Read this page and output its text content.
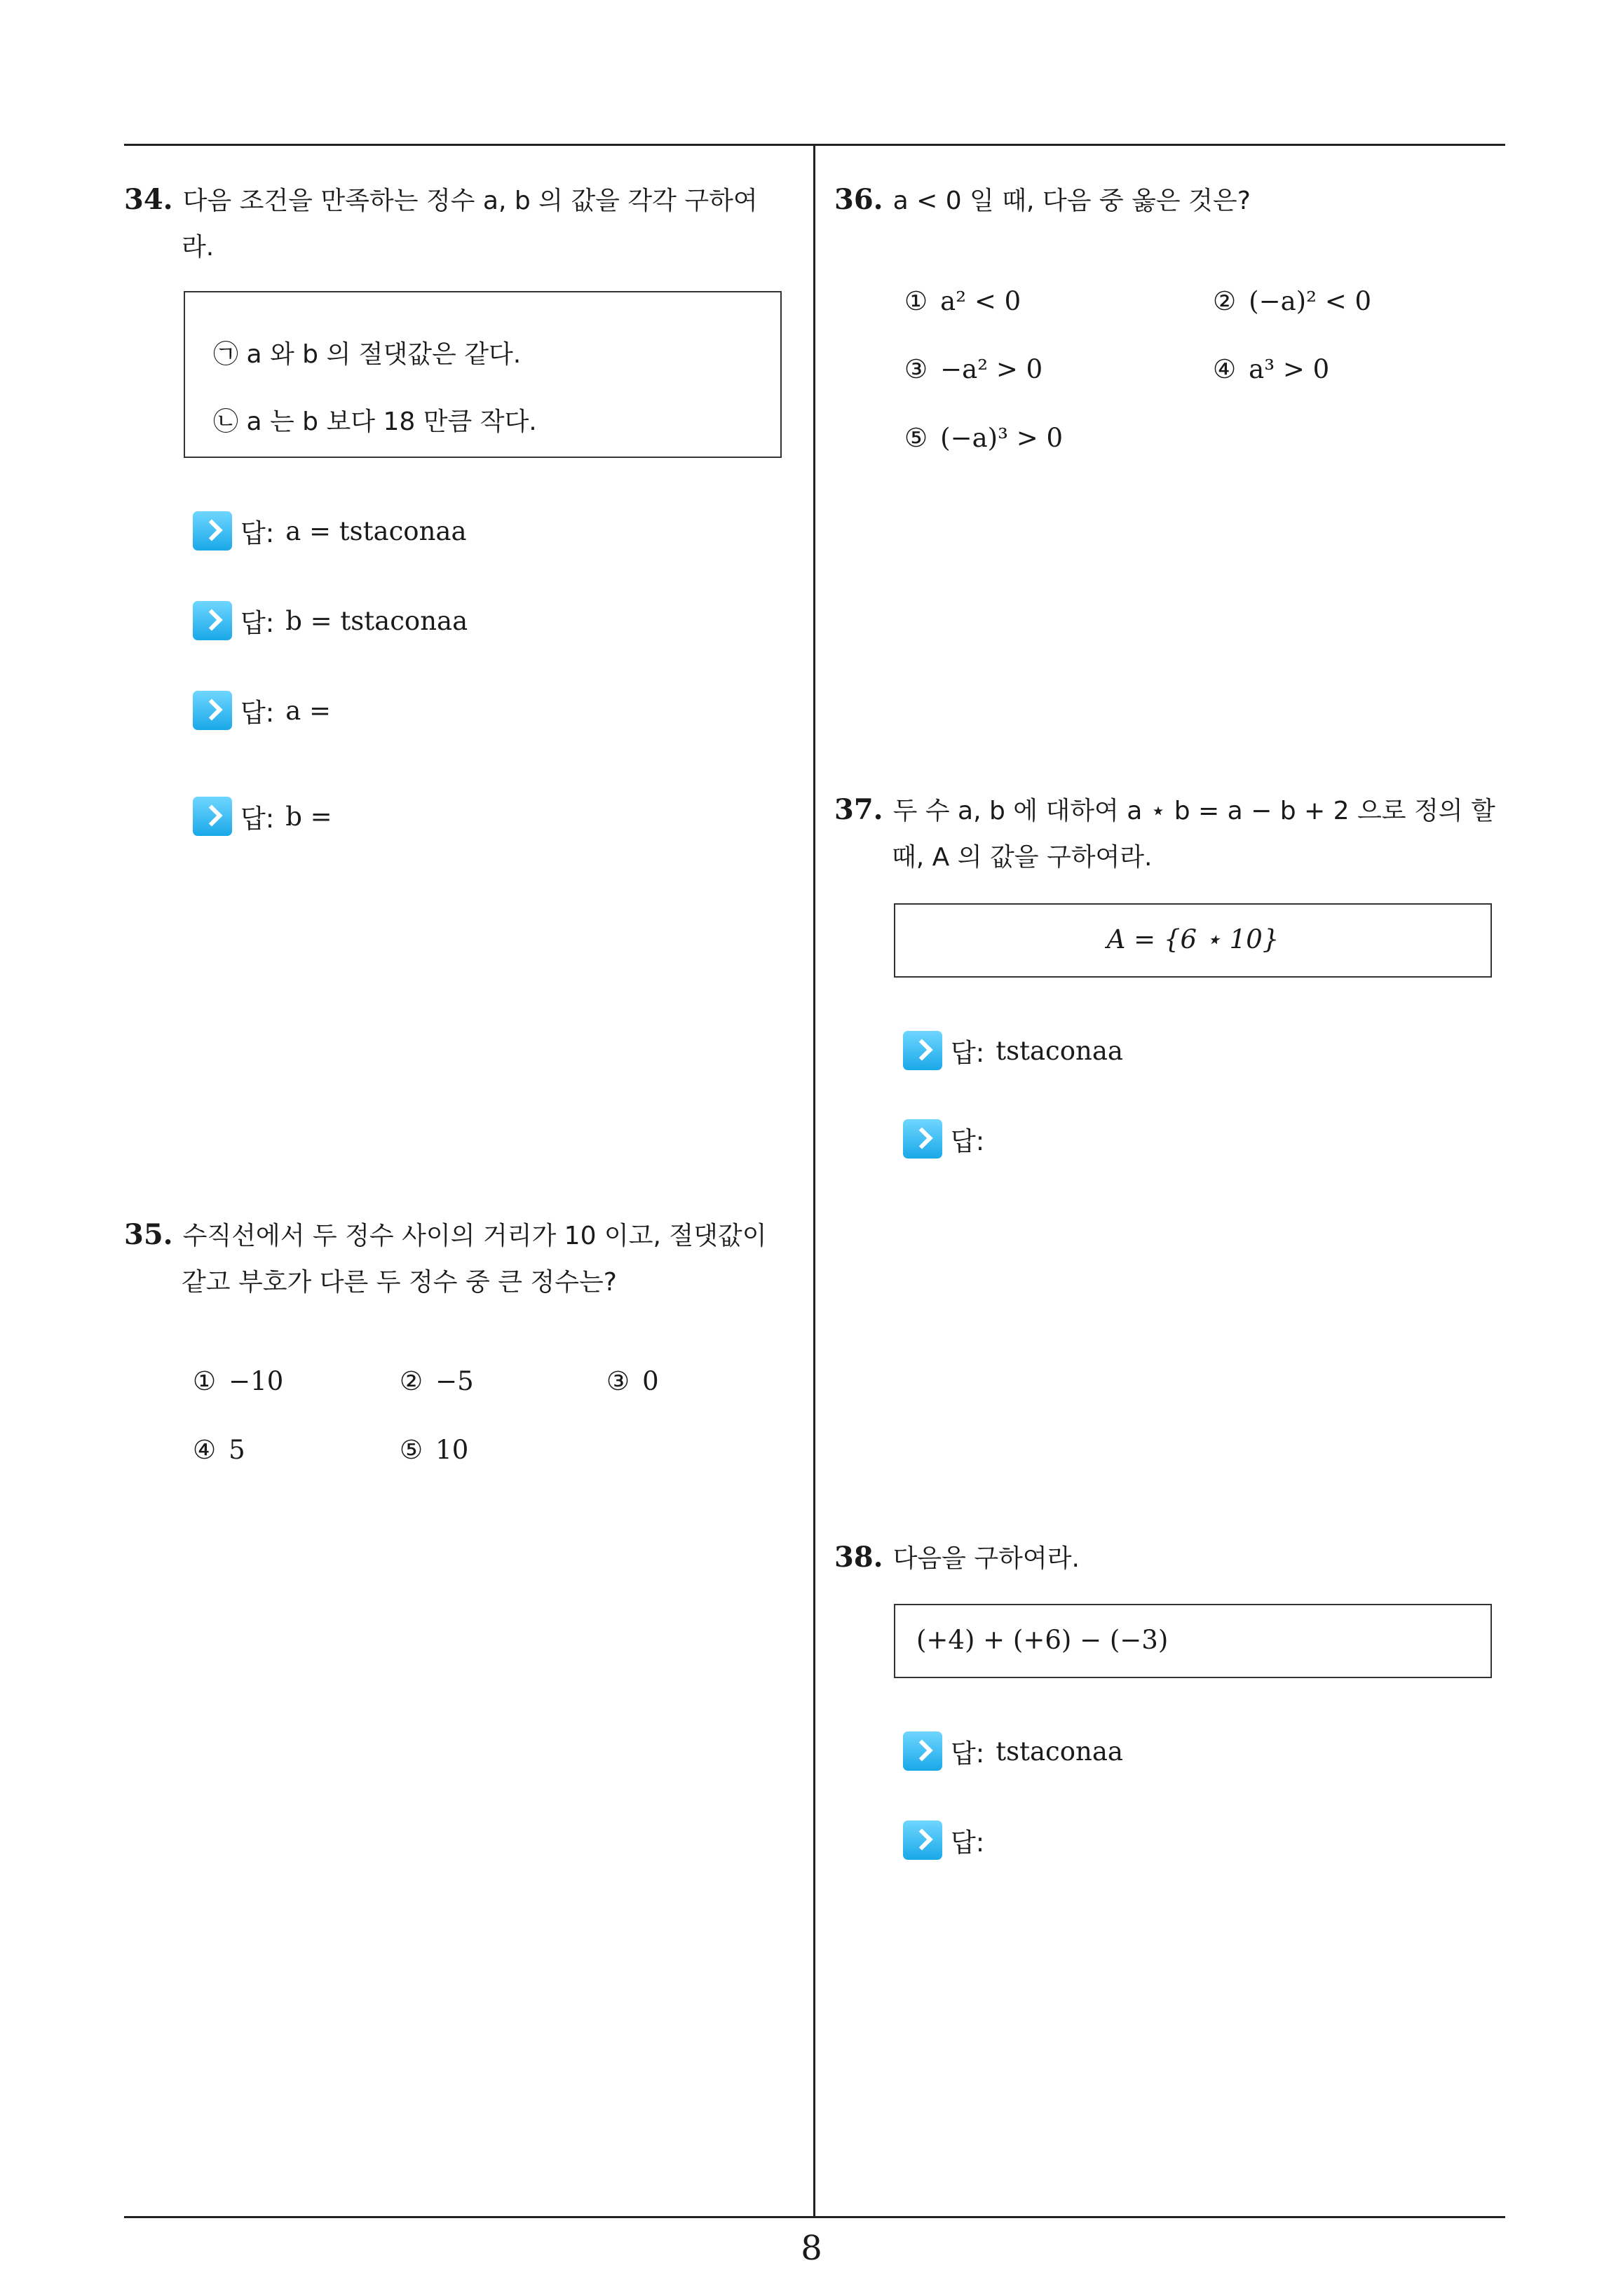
34. 다음 조건을 만족하는 정수 a, b 의 값을 각각 구하여
라.
㉠ a 와 b 의 절댓값은 같다.
㉡ a 는 b 보다 18 만큼 작다.
답: a = tstaconaa
답: b = tstaconaa
답: a =
답: b =
35. 수직선에서 두 정수 사이의 거리가 10 이고, 절댓값이
같고 부호가 다른 두 정수 중 큰 정수는?
① −10	② −5	③ 0
④ 5	⑤ 10
36. a < 0 일 때, 다음 중 옳은 것은?
① a² < 0	② (−a)² < 0
③ −a² > 0	④ a³ > 0
⑤ (−a)³ > 0
37. 두 수 a, b 에 대하여 a ⋆ b = a − b + 2 으로 정의 할
때, A 의 값을 구하여라.
A = {6 ⋆ 10}
답: tstaconaa
답:
38. 다음을 구하여라.
(+4) + (+6) − (−3)
답: tstaconaa
답:
8
